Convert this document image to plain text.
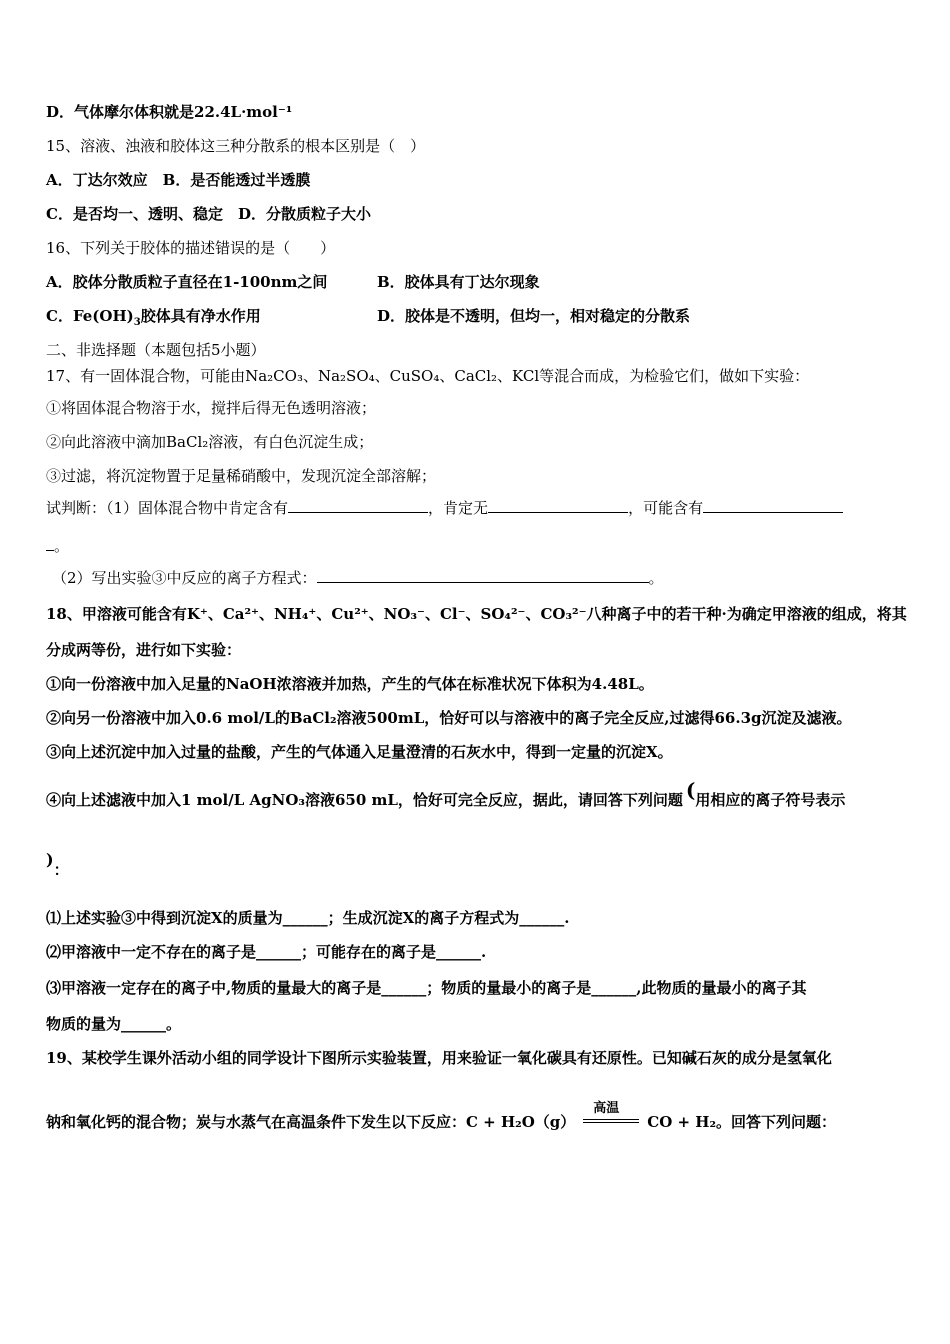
D．气体摩尔体积就是22.4L·mol⁻¹
15、溶液、浊液和胶体这三种分散系的根本区别是（　）
A．丁达尔效应　B．是否能透过半透膜
C．是否均一、透明、稳定　D．分散质粒子大小
16、下列关于胶体的描述错误的是（　　）
A．胶体分散质粒子直径在1-100nm之间	B．胶体具有丁达尔现象
C．$Fe(OH)_3$胶体具有净水作用	D．胶体是不透明，但均一，相对稳定的分散系
二、非选择题（本题包括5小题）
17、有一固体混合物，可能由Na₂CO₃、Na₂SO₄、CuSO₄、CaCl₂、KCl等混合而成，为检验它们，做如下实验：
①将固体混合物溶于水，搅拌后得无色透明溶液；
②向此溶液中滴加BaCl₂溶液，有白色沉淀生成；
③过滤，将沉淀物置于足量稀硝酸中，发现沉淀全部溶解；
试判断：（1）固体混合物中肯定含有	，肯定无	，可能含有
。
（2）写出实验③中反应的离子方程式：	。
18、甲溶液可能含有K⁺、Ca²⁺、NH₄⁺、Cu²⁺、NO₃⁻、Cl⁻、SO₄²⁻、CO₃²⁻八种离子中的若干种·为确定甲溶液的组成，将其
分成两等份，进行如下实验：
①向一份溶液中加入足量的NaOH浓溶液并加热，产生的气体在标准状况下体积为4.48L。
②向另一份溶液中加入0.6 mol/L的BaCl₂溶液500mL，恰好可以与溶液中的离子完全反应,过滤得66.3g沉淀及滤液。
③向上述沉淀中加入过量的盐酸，产生的气体通入足量澄清的石灰水中，得到一定量的沉淀X。
④向上述滤液中加入1 mol/L AgNO₃溶液650 mL，恰好可完全反应，据此，请回答下列问题 (用相应的离子符号表示
)：
⑴上述实验③中得到沉淀X的质量为______；生成沉淀X的离子方程式为______.
⑵甲溶液中一定不存在的离子是______；可能存在的离子是______.
⑶甲溶液一定存在的离子中,物质的量最大的离子是______；物质的量最小的离子是______,此物质的量最小的离子其
物质的量为______。
19、某校学生课外活动小组的同学设计下图所示实验装置，用来验证一氧化碳具有还原性。已知碱石灰的成分是氢氧化
钠和氧化钙的混合物；炭与水蒸气在高温条件下发生以下反应：C + H₂O（g）
高温
CO + H₂。回答下列问题：
